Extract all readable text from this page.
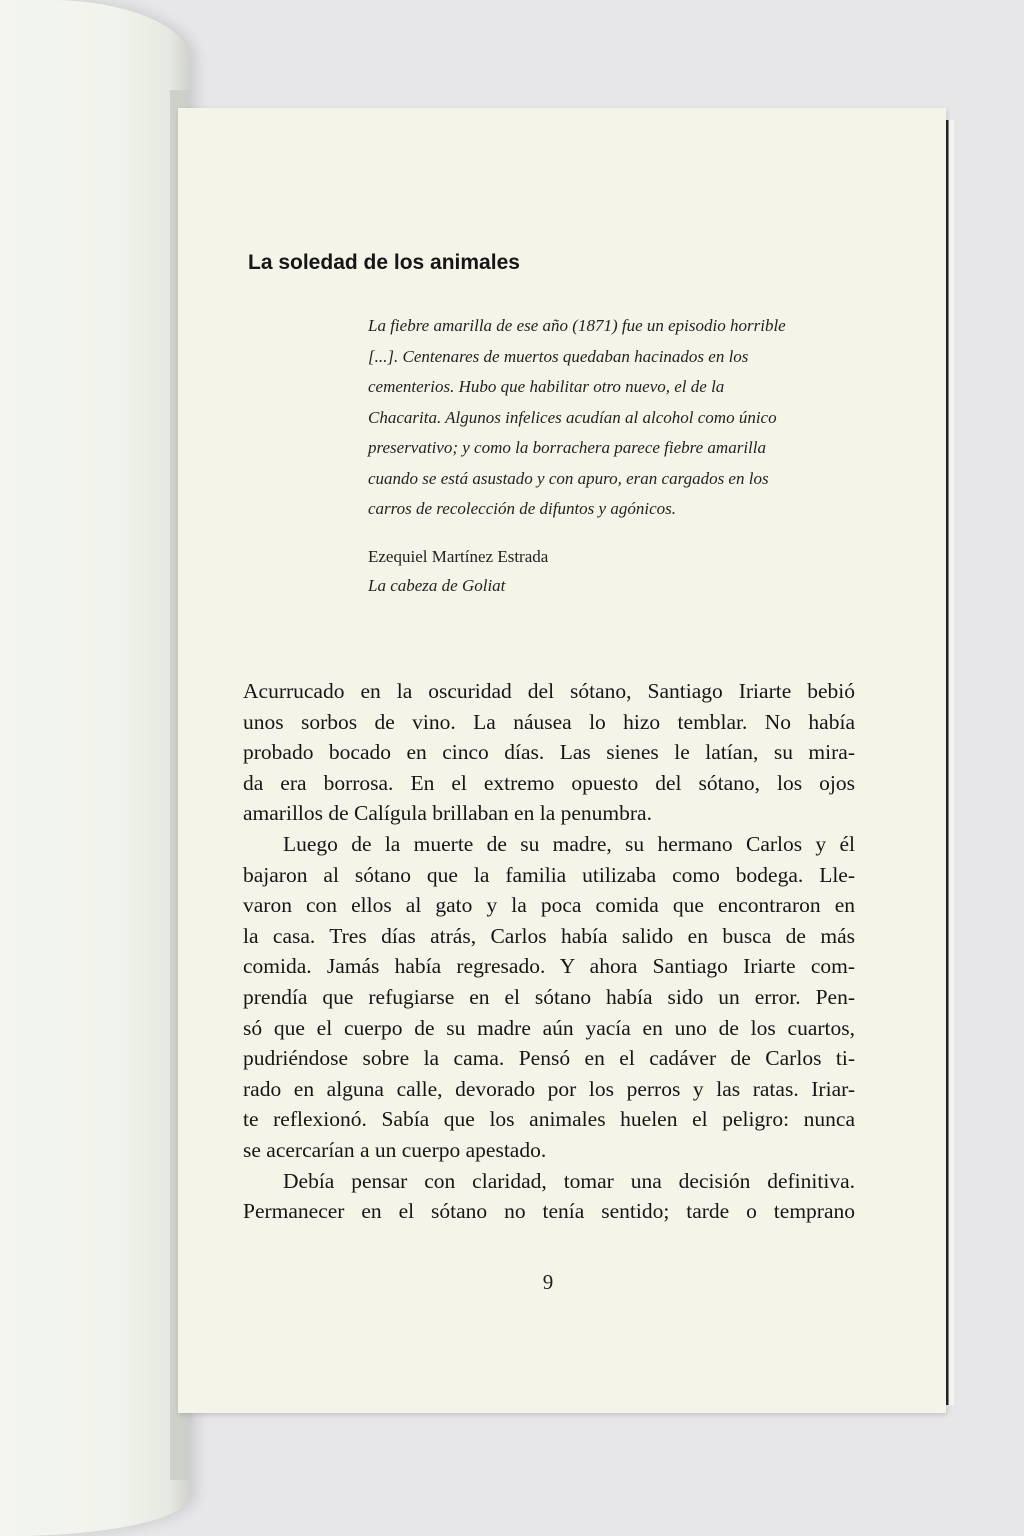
La soledad de los animales

La fiebre amarilla de ese año (1871) fue un episodio horrible
[...]. Centenares de muertos quedaban hacinados en los
cementerios. Hubo que habilitar otro nuevo, el de la
Chacarita. Algunos infelices acudían al alcohol como único
preservativo; y como la borrachera parece fiebre amarilla
cuando se está asustado y con apuro, eran cargados en los
carros de recolección de difuntos y agónicos.

Ezequiel Martínez Estrada

La cabeza de Goliat

Acurrucado en la oscuridad del sótano, Santiago Iriarte bebió
unos sorbos de vino. La náusea lo hizo temblar. No había
probado bocado en cinco días. Las sienes le latían, su mira-
da era borrosa. En el extremo opuesto del sótano, los ojos
amarillos de Calígula brillaban en la penumbra.

Luego de la muerte de su madre, su hermano Carlos y él
bajaron al sótano que la familia utilizaba como bodega. Lle-
varon con ellos al gato y la poca comida que encontraron en
la casa. Tres días atrás, Carlos había salido en busca de más
comida. Jamás había regresado. Y ahora Santiago Iriarte com-
prendía que refugiarse en el sótano había sido un error. Pen-
só que el cuerpo de su madre aún yacía en uno de los cuartos,
pudriéndose sobre la cama. Pensó en el cadáver de Carlos ti-
rado en alguna calle, devorado por los perros y las ratas. Iriar-
te reflexionó. Sabía que los animales huelen el peligro: nunca
se acercarían a un cuerpo apestado.

Debía pensar con claridad, tomar una decisión definitiva.
Permanecer en el sótano no tenía sentido; tarde o temprano

9
